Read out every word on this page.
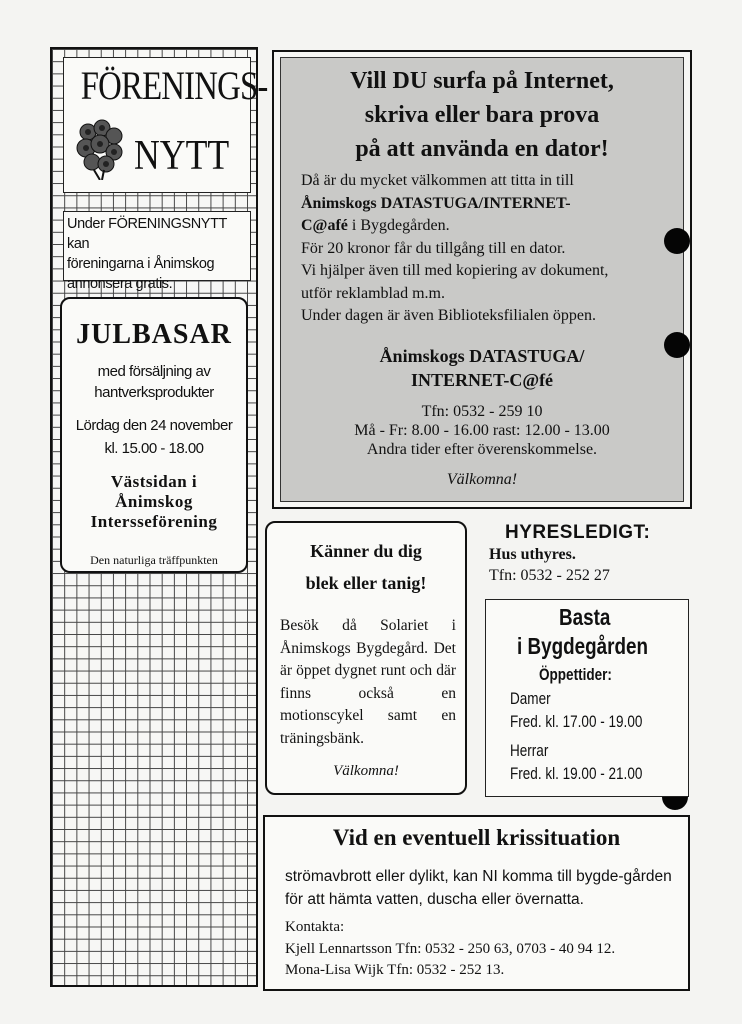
FÖRENINGS-
NYTT
Under FÖRENINGSNYTT kan
föreningarna i Ånimskog
annonsera gratis.
JULBASAR
med försäljning av
hantverksprodukter
Lördag den 24 november
kl. 15.00 - 18.00
Västsidan i
Ånimskog
Intersseförening
Den naturliga träffpunkten
Vill DU surfa på Internet,
skriva eller bara prova
på att använda en dator!
Då är du mycket välkommen att titta in till
Ånimskogs DATASTUGA/INTERNET-
C@afé i Bygdegården.
För 20 kronor får du tillgång till en dator.
Vi hjälper även till med kopiering av dokument,
utför reklamblad m.m.
Under dagen är även Biblioteksfilialen öppen.
Ånimskogs DATASTUGA/
INTERNET-C@fé
Tfn: 0532 - 259 10
Må - Fr: 8.00 - 16.00 rast: 12.00 - 13.00
Andra tider efter överenskommelse.
Välkomna!
Känner du dig
blek eller tanig!
Besök då Solariet i Ånimskogs Bygdegård. Det är öppet dygnet runt och där finns också en motionscykel samt en träningsbänk.
Välkomna!
HYRESLEDIGT:
Hus uthyres.
Tfn: 0532 - 252 27
Basta
i Bygdegården
Öppettider:
Damer
Fred. kl. 17.00 - 19.00
Herrar
Fred. kl. 19.00 - 21.00
Vid en eventuell krissituation
strömavbrott eller dylikt, kan NI komma till bygde-gården för att hämta vatten, duscha eller övernatta.
Kontakta:
Kjell Lennartsson Tfn: 0532 - 250 63, 0703 - 40 94 12.
Mona-Lisa Wijk Tfn: 0532 - 252 13.
